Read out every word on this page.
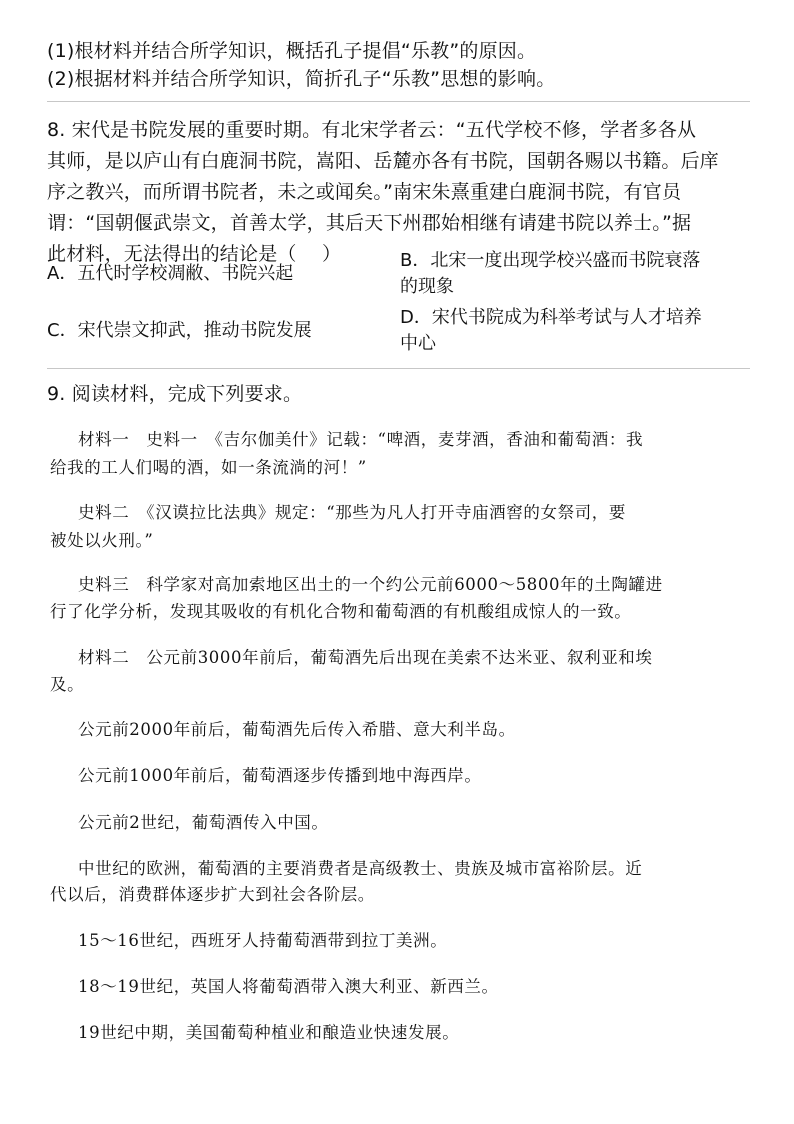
(1)根材料并结合所学知识，概括孔子提倡“乐教”的原因。
(2)根据材料并结合所学知识，简折孔子“乐教”思想的影响。
8. 宋代是书院发展的重要时期。有北宋学者云：“五代学校不修，学者多各从
其师，是以庐山有白鹿洞书院，嵩阳、岳麓亦各有书院，国朝各赐以书籍。后庠
序之教兴，而所谓书院者，未之或闻矣。”南宋朱熹重建白鹿洞书院，有官员
谓：“国朝偃武崇文，首善太学，其后天下州郡始相继有请建书院以养士。”据
此材料，无法得出的结论是（　 ）
A．五代时学校凋敝、书院兴起
B．北宋一度出现学校兴盛而书院衰落
的现象
C．宋代崇文抑武，推动书院发展
D．宋代书院成为科举考试与人才培养
中心
9. 阅读材料，完成下列要求。
材料一　史料一　《吉尔伽美什》记载：“啤酒，麦芽酒，香油和葡萄酒：我
给我的工人们喝的酒，如一条流淌的河！”
史料二　《汉谟拉比法典》规定：“那些为凡人打开寺庙酒窖的女祭司，要
被处以火刑。”
史料三　科学家对高加索地区出土的一个约公元前6000～5800年的土陶罐进
行了化学分析，发现其吸收的有机化合物和葡萄酒的有机酸组成惊人的一致。
材料二　公元前3000年前后，葡萄酒先后出现在美索不达米亚、叙利亚和埃
及。
公元前2000年前后，葡萄酒先后传入希腊、意大利半岛。
公元前1000年前后，葡萄酒逐步传播到地中海西岸。
公元前2世纪，葡萄酒传入中国。
中世纪的欧洲，葡萄酒的主要消费者是高级教士、贵族及城市富裕阶层。近
代以后，消费群体逐步扩大到社会各阶层。
15～16世纪，西班牙人持葡萄酒带到拉丁美洲。
18～19世纪，英国人将葡萄酒带入澳大利亚、新西兰。
19世纪中期，美国葡萄种植业和酿造业快速发展。
